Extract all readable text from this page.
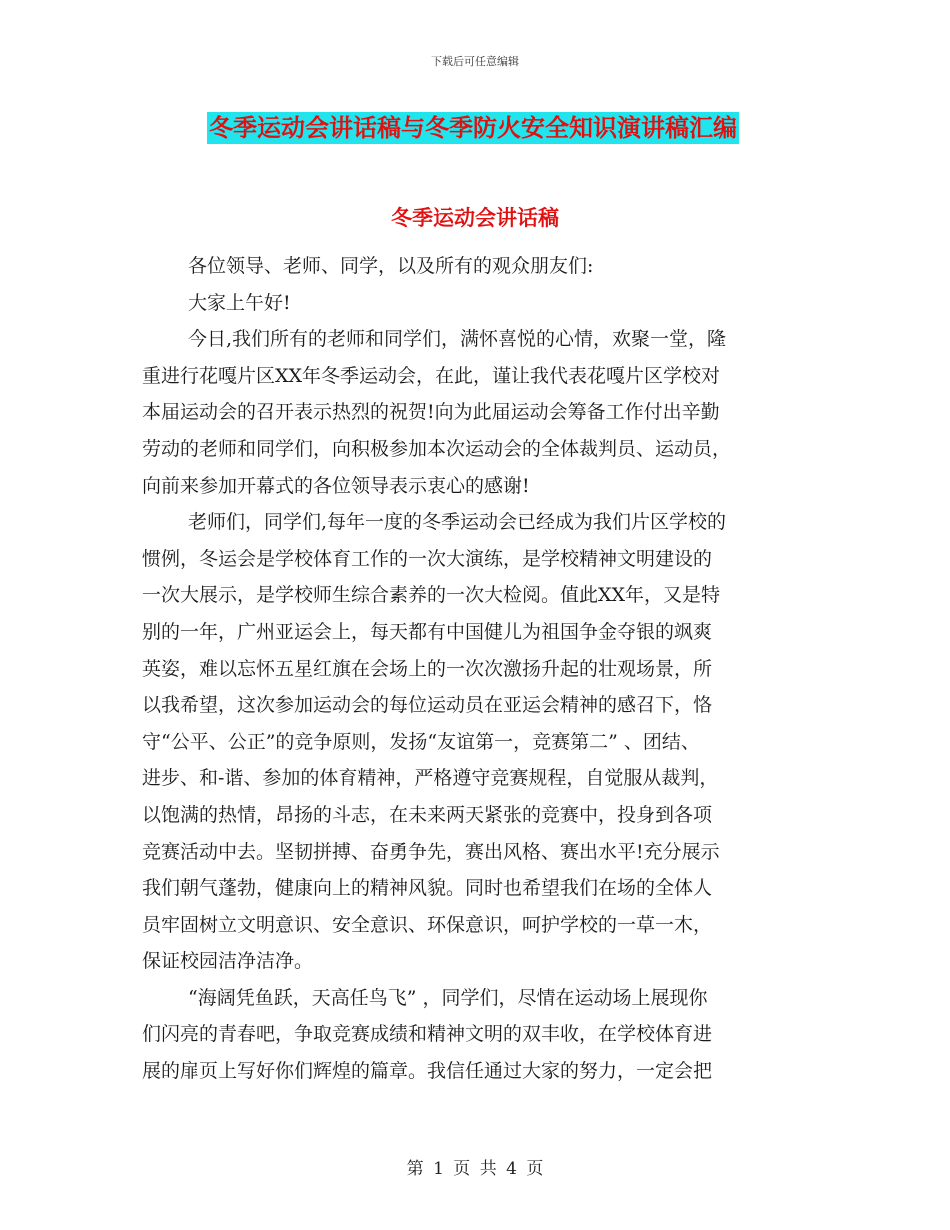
下载后可任意编辑
冬季运动会讲话稿与冬季防火安全知识演讲稿汇编
冬季运动会讲话稿
各位领导、老师、同学，以及所有的观众朋友们:
大家上午好!
今日,我们所有的老师和同学们，满怀喜悦的心情，欢聚一堂，隆
重进行花嘎片区XX年冬季运动会，在此，谨让我代表花嘎片区学校对
本届运动会的召开表示热烈的祝贺!向为此届运动会筹备工作付出辛勤
劳动的老师和同学们，向积极参加本次运动会的全体裁判员、运动员，
向前来参加开幕式的各位领导表示衷心的感谢!
老师们，同学们,每年一度的冬季运动会已经成为我们片区学校的
惯例，冬运会是学校体育工作的一次大演练，是学校精神文明建设的
一次大展示，是学校师生综合素养的一次大检阅。值此XX年，又是特
别的一年，广州亚运会上，每天都有中国健儿为祖国争金夺银的飒爽
英姿，难以忘怀五星红旗在会场上的一次次激扬升起的壮观场景，所
以我希望，这次参加运动会的每位运动员在亚运会精神的感召下，恪
守“公平、公正”的竞争原则，发扬“友谊第一，竞赛第二” 、团结、
进步、和-谐、参加的体育精神，严格遵守竞赛规程，自觉服从裁判，
以饱满的热情，昂扬的斗志，在未来两天紧张的竞赛中，投身到各项
竞赛活动中去。坚韧拼搏、奋勇争先，赛出风格、赛出水平!充分展示
我们朝气蓬勃，健康向上的精神风貌。同时也希望我们在场的全体人
员牢固树立文明意识、安全意识、环保意识，呵护学校的一草一木，
保证校园洁净洁净。
“海阔凭鱼跃，天高任鸟飞” ，同学们，尽情在运动场上展现你
们闪亮的青春吧，争取竞赛成绩和精神文明的双丰收，在学校体育进
展的扉页上写好你们辉煌的篇章。我信任通过大家的努力，一定会把
第 1 页 共 4 页
